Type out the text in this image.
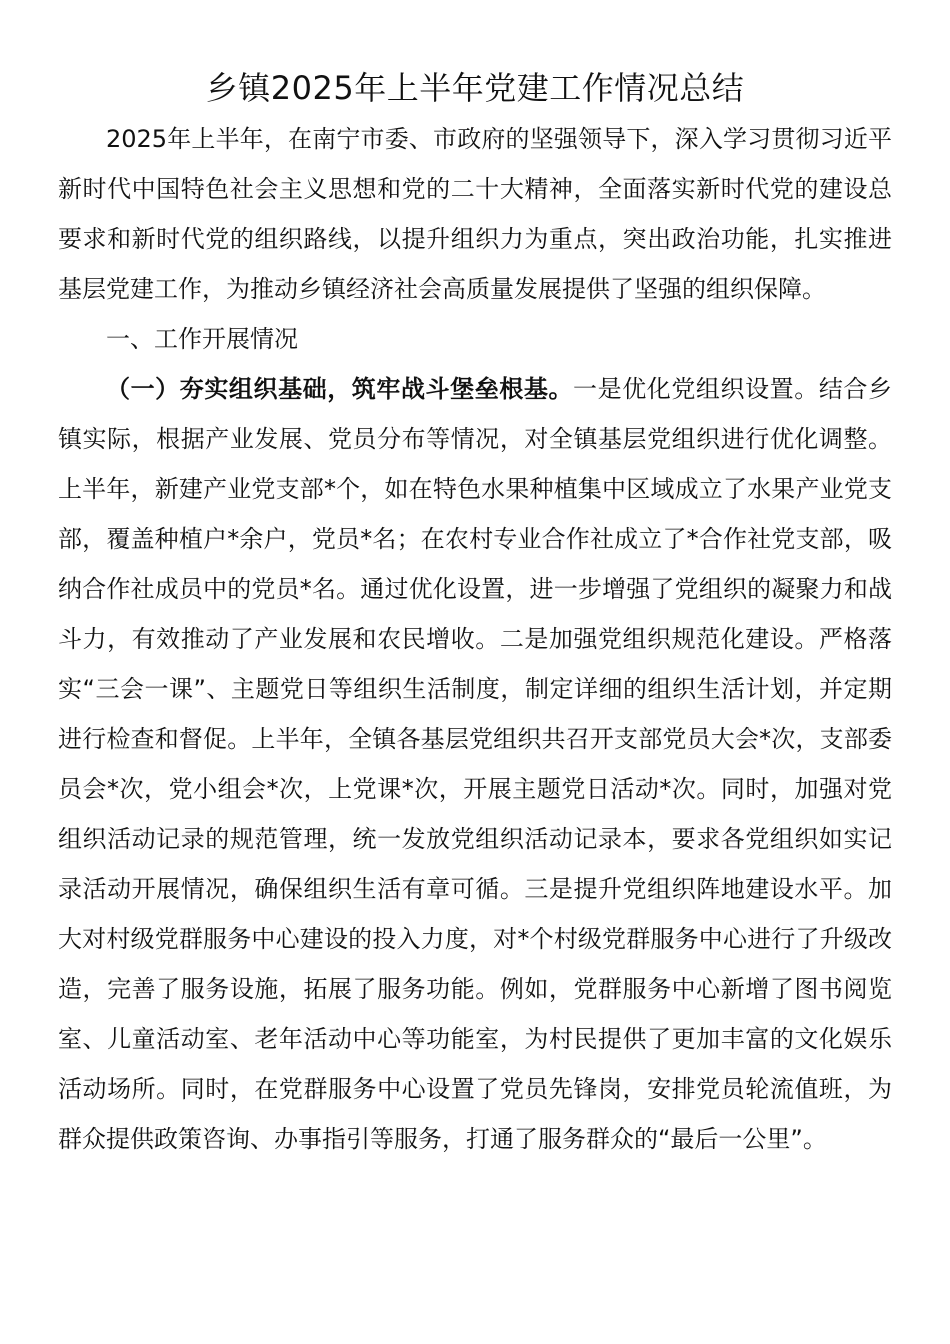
乡镇2025年上半年党建工作情况总结

2025年上半年，在南宁市委、市政府的坚强领导下，深入学习贯彻习近平新时代中国特色社会主义思想和党的二十大精神，全面落实新时代党的建设总要求和新时代党的组织路线，以提升组织力为重点，突出政治功能，扎实推进基层党建工作，为推动乡镇经济社会高质量发展提供了坚强的组织保障。

一、工作开展情况

（一）夯实组织基础，筑牢战斗堡垒根基。一是优化党组织设置。结合乡镇实际，根据产业发展、党员分布等情况，对全镇基层党组织进行优化调整。上半年，新建产业党支部*个，如在特色水果种植集中区域成立了水果产业党支部，覆盖种植户*余户，党员*名；在农村专业合作社成立了*合作社党支部，吸纳合作社成员中的党员*名。通过优化设置，进一步增强了党组织的凝聚力和战斗力，有效推动了产业发展和农民增收。二是加强党组织规范化建设。严格落实“三会一课”、主题党日等组织生活制度，制定详细的组织生活计划，并定期进行检查和督促。上半年，全镇各基层党组织共召开支部党员大会*次，支部委员会*次，党小组会*次，上党课*次，开展主题党日活动*次。同时，加强对党组织活动记录的规范管理，统一发放党组织活动记录本，要求各党组织如实记录活动开展情况，确保组织生活有章可循。三是提升党组织阵地建设水平。加大对村级党群服务中心建设的投入力度，对*个村级党群服务中心进行了升级改造，完善了服务设施，拓展了服务功能。例如，党群服务中心新增了图书阅览室、儿童活动室、老年活动中心等功能室，为村民提供了更加丰富的文化娱乐活动场所。同时，在党群服务中心设置了党员先锋岗，安排党员轮流值班，为群众提供政策咨询、办事指引等服务，打通了服务群众的“最后一公里”。
